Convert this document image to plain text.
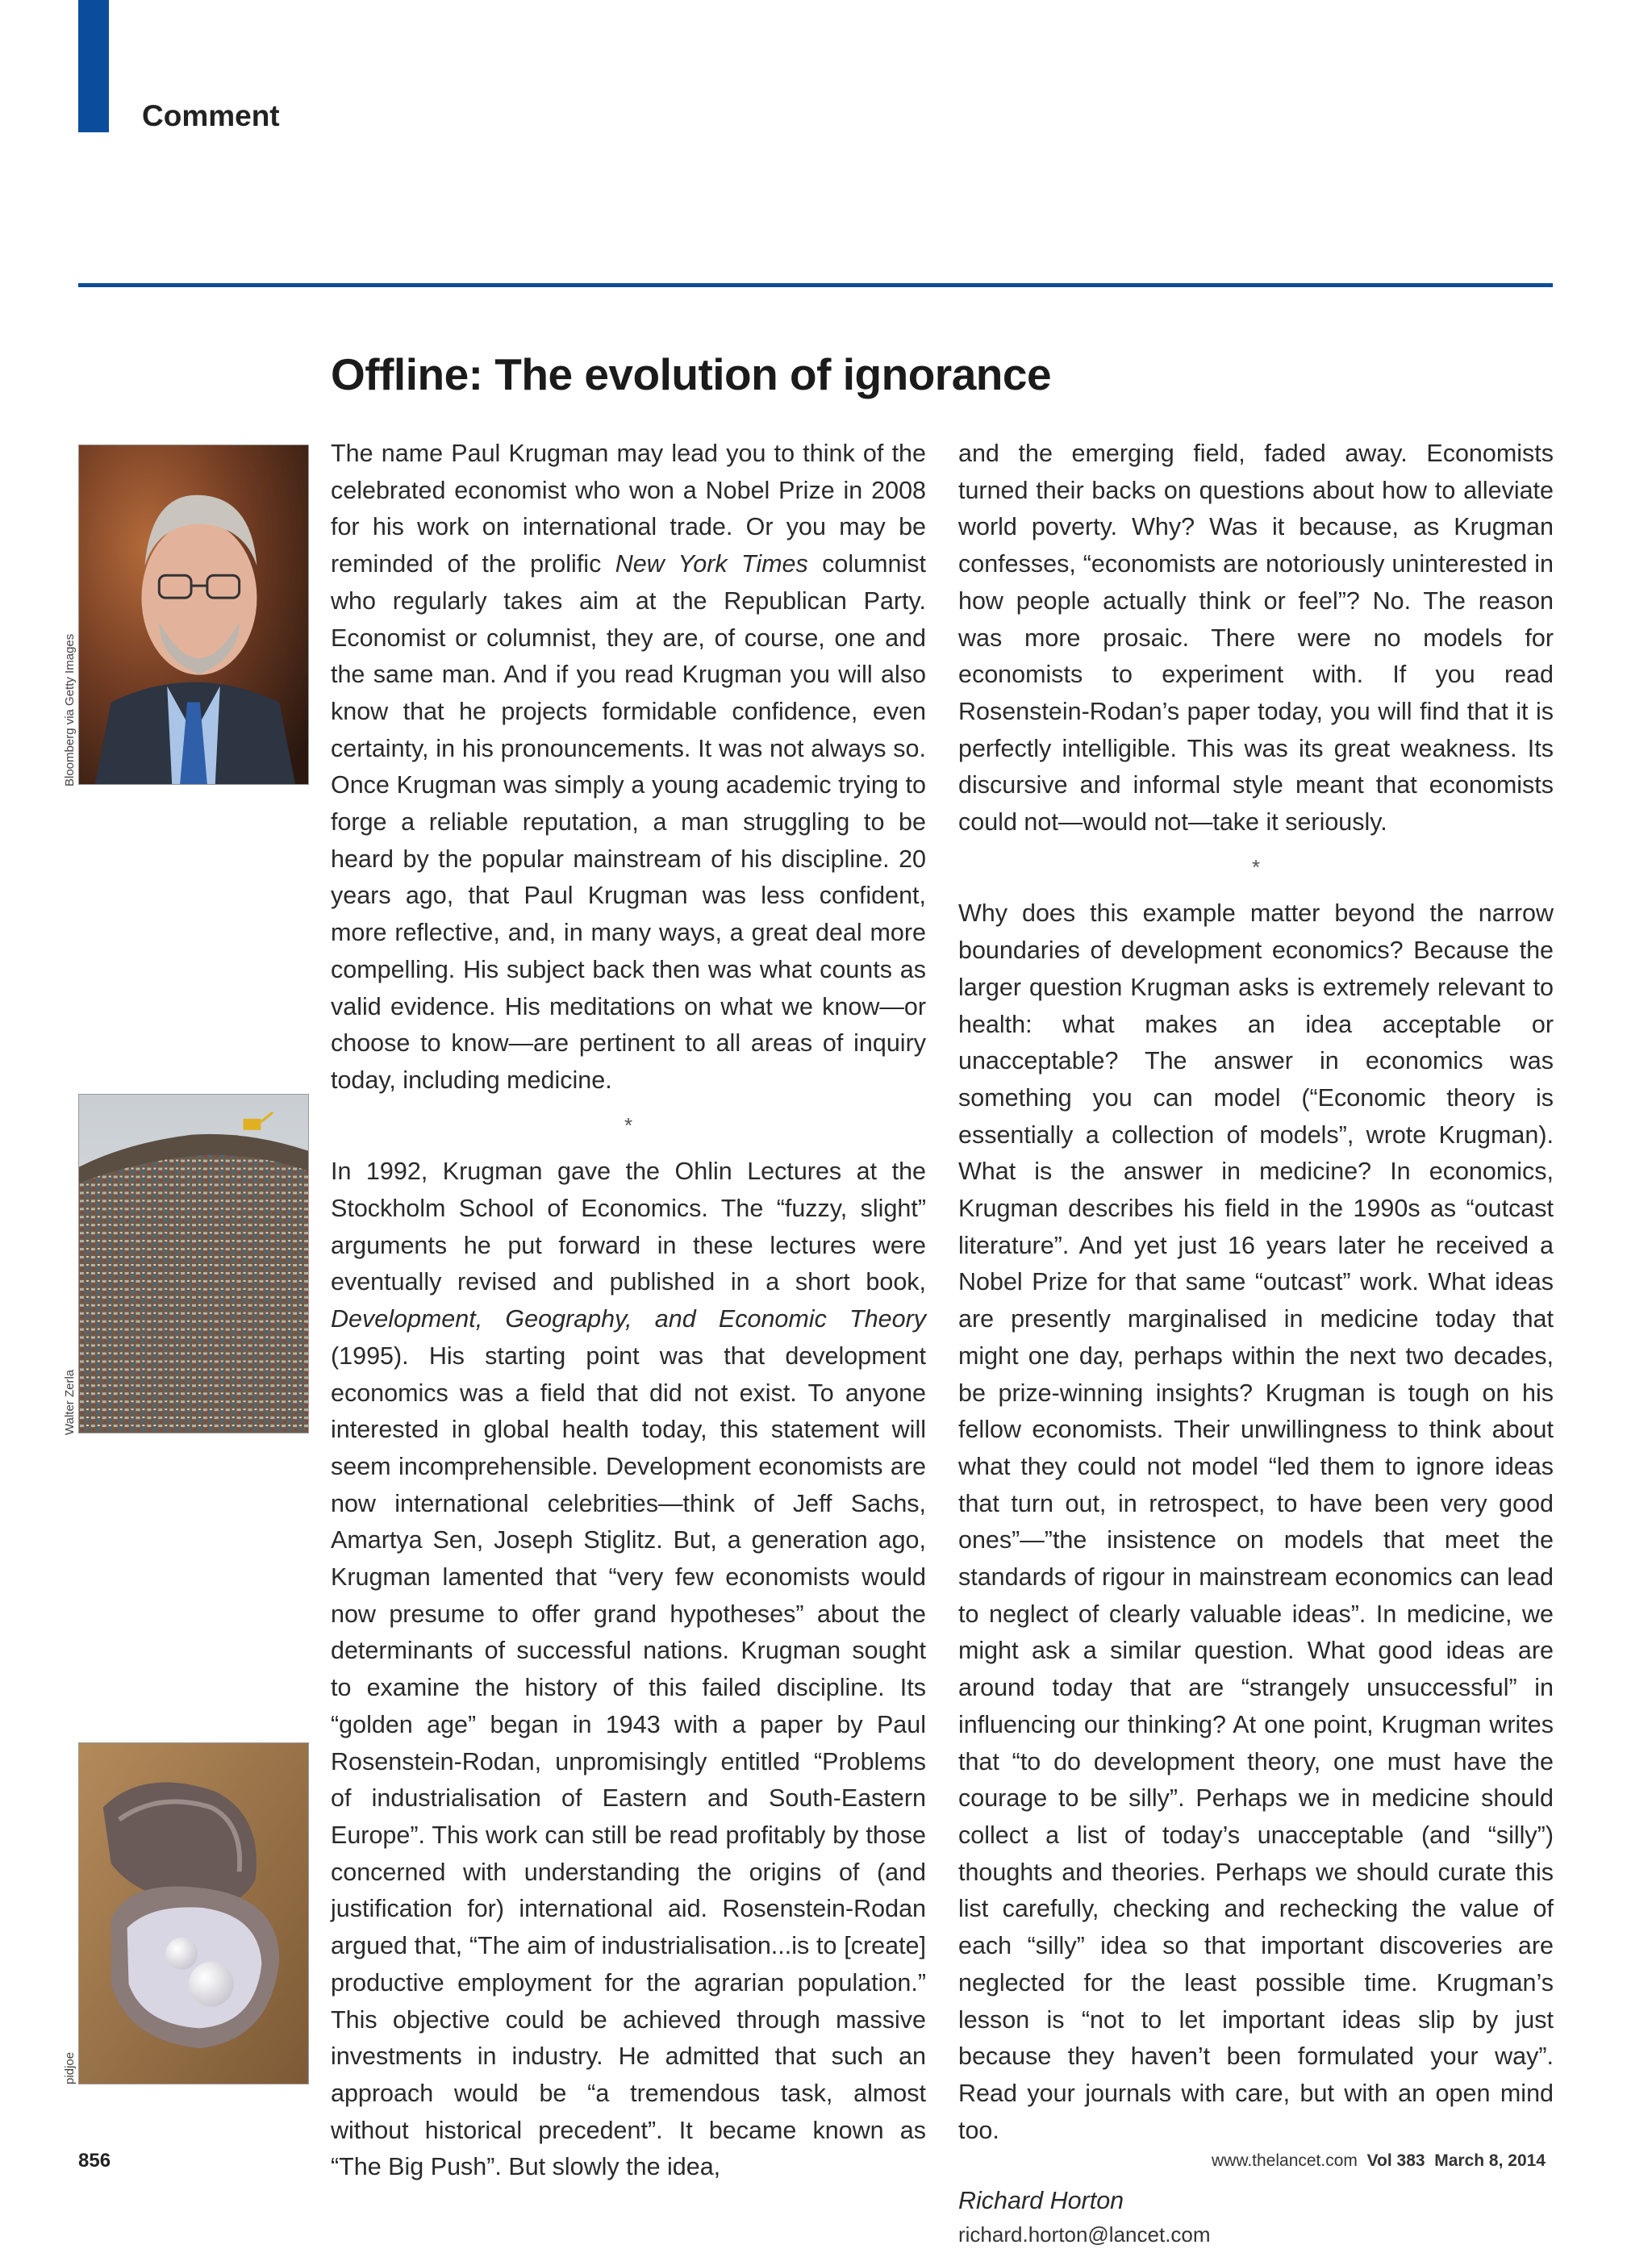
Comment
Offline: The evolution of ignorance
Bloomberg via Getty Images
Walter Zerla
pidjoe

The name Paul Krugman may lead you to think of the celebrated economist who won a Nobel Prize in 2008 for his work on international trade. Or you may be reminded of the prolific New York Times columnist who regularly takes aim at the Republican Party. Economist or columnist, they are, of course, one and the same man. And if you read Krugman you will also know that he projects formidable confidence, even certainty, in his pronouncements. It was not always so. Once Krugman was simply a young academic trying to forge a reliable reputation, a man struggling to be heard by the popular mainstream of his discipline. 20 years ago, that Paul Krugman was less confident, more reflective, and, in many ways, a great deal more compelling. His subject back then was what counts as valid evidence. His meditations on what we know—or choose to know—are pertinent to all areas of inquiry today, including medicine.

*

In 1992, Krugman gave the Ohlin Lectures at the Stockholm School of Economics. The “fuzzy, slight” arguments he put forward in these lectures were eventually revised and published in a short book, Development, Geography, and Economic Theory (1995). His starting point was that development economics was a field that did not exist. To anyone interested in global health today, this statement will seem incomprehensible. Development economists are now international celebrities—think of Jeff Sachs, Amartya Sen, Joseph Stiglitz. But, a generation ago, Krugman lamented that “very few economists would now presume to offer grand hypotheses” about the determinants of successful nations. Krugman sought to examine the history of this failed discipline. Its “golden age” began in 1943 with a paper by Paul Rosenstein-Rodan, unpromisingly entitled “Problems of industrialisation of Eastern and South-Eastern Europe”. This work can still be read profitably by those concerned with understanding the origins of (and justification for) international aid. Rosenstein-Rodan argued that, “The aim of industrialisation...is to [create] productive employment for the agrarian population.” This objective could be achieved through massive investments in industry. He admitted that such an approach would be “a tremendous task, almost without historical precedent”. It became known as “The Big Push”. But slowly the idea,

and the emerging field, faded away. Economists turned their backs on questions about how to alleviate world poverty. Why? Was it because, as Krugman confesses, “economists are notoriously uninterested in how people actually think or feel”? No. The reason was more prosaic. There were no models for economists to experiment with. If you read Rosenstein-Rodan’s paper today, you will find that it is perfectly intelligible. This was its great weakness. Its discursive and informal style meant that economists could not—would not—take it seriously.

*

Why does this example matter beyond the narrow boundaries of development economics? Because the larger question Krugman asks is extremely relevant to health: what makes an idea acceptable or unacceptable? The answer in economics was something you can model (“Economic theory is essentially a collection of models”, wrote Krugman). What is the answer in medicine? In economics, Krugman describes his field in the 1990s as “outcast literature”. And yet just 16 years later he received a Nobel Prize for that same “outcast” work. What ideas are presently marginalised in medicine today that might one day, perhaps within the next two decades, be prize-winning insights? Krugman is tough on his fellow economists. Their unwillingness to think about what they could not model “led them to ignore ideas that turn out, in retrospect, to have been very good ones”—”the insistence on models that meet the standards of rigour in mainstream economics can lead to neglect of clearly valuable ideas”. In medicine, we might ask a similar question. What good ideas are around today that are “strangely unsuccessful” in influencing our thinking? At one point, Krugman writes that “to do development theory, one must have the courage to be silly”. Perhaps we in medicine should collect a list of today’s unacceptable (and “silly”) thoughts and theories. Perhaps we should curate this list carefully, checking and rechecking the value of each “silly” idea so that important discoveries are neglected for the least possible time. Krugman’s lesson is “not to let important ideas slip by just because they haven’t been formulated your way”. Read your journals with care, but with an open mind too.

Richard Horton

richard.horton@lancet.com

856	www.thelancet.com Vol 383 March 8, 2014
